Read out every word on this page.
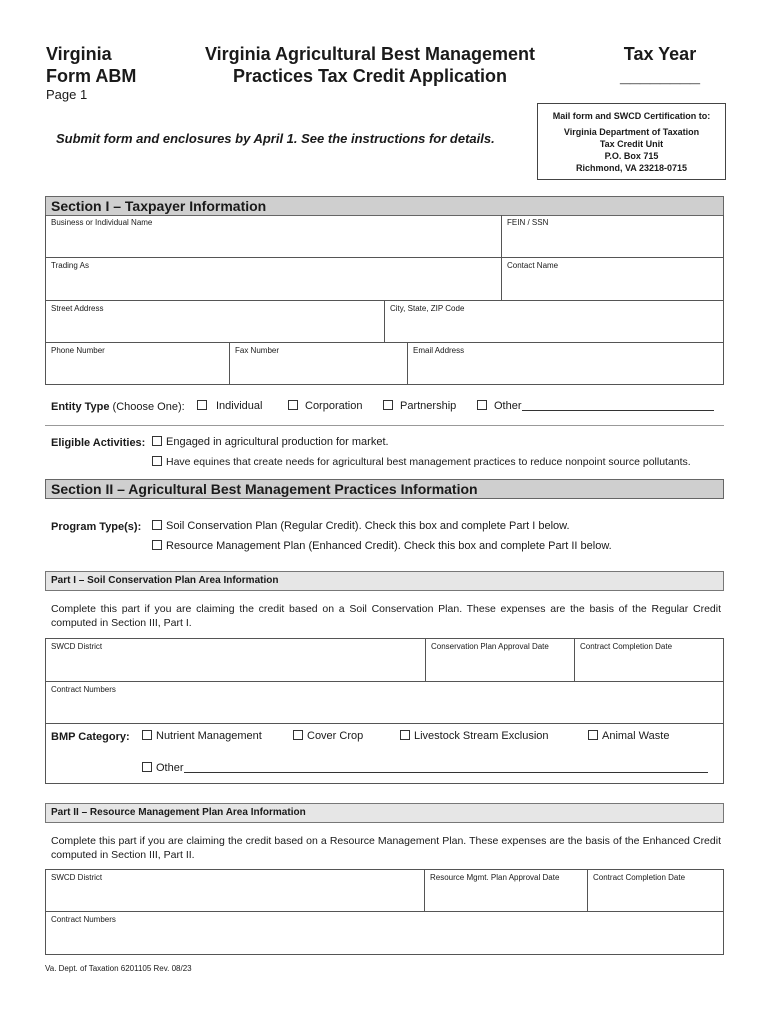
Virginia
Form ABM
Page 1
Virginia Agricultural Best Management
Practices Tax Credit Application
Tax Year
________
Submit form and enclosures by April 1. See the instructions for details.
Mail form and SWCD Certification to:
Virginia Department of Taxation
Tax Credit Unit
P.O. Box 715
Richmond, VA 23218-0715
Section I – Taxpayer Information
Business or Individual Name	FEIN / SSN
Trading As	Contact Name
Street Address	City, State, ZIP Code
Phone Number	Fax Number	Email Address
Entity Type (Choose One):	Individual	Corporation	Partnership	Other
Eligible Activities:	Engaged in agricultural production for market.
Have equines that create needs for agricultural best management practices to reduce nonpoint source pollutants.
Section II – Agricultural Best Management Practices Information
Program Type(s):	Soil Conservation Plan (Regular Credit). Check this box and complete Part I below.
Resource Management Plan (Enhanced Credit). Check this box and complete Part II below.
Part I – Soil Conservation Plan Area Information
Complete this part if you are claiming the credit based on a Soil Conservation Plan. These expenses are the basis of the Regular Credit computed in Section III, Part I.
SWCD District	Conservation Plan Approval Date	Contract Completion Date
Contract Numbers
BMP Category:	Nutrient Management	Cover Crop	Livestock Stream Exclusion	Animal Waste
Other
Part II – Resource Management Plan Area Information
Complete this part if you are claiming the credit based on a Resource Management Plan. These expenses are the basis of the Enhanced Credit computed in Section III, Part II.
SWCD District	Resource Mgmt. Plan Approval Date	Contract Completion Date
Contract Numbers
Va. Dept. of Taxation 6201105 Rev. 08/23
